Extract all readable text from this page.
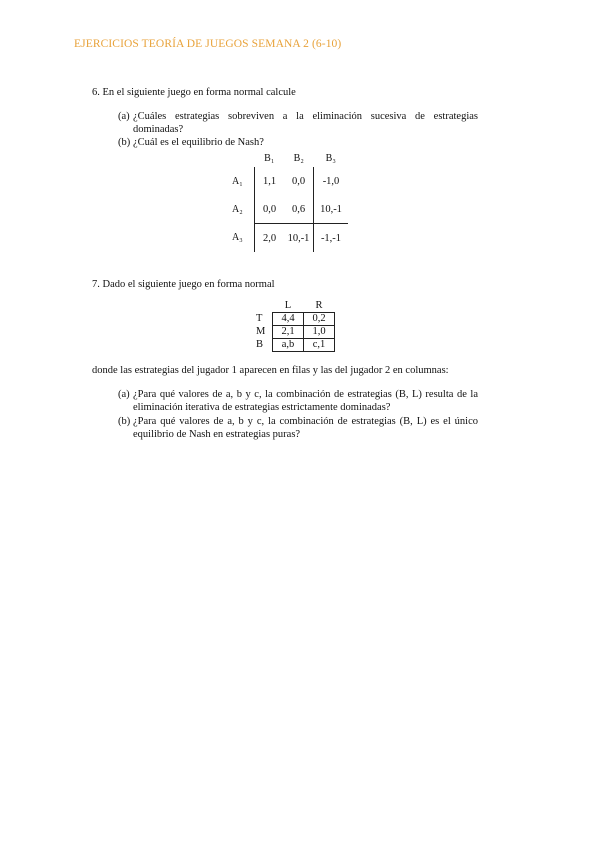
EJERCICIOS TEORÍA DE JUEGOS SEMANA 2 (6-10)
6. En el siguiente juego en forma normal calcule
(a) ¿Cuáles estrategias sobreviven a la eliminación sucesiva de estrategias dominadas?
(b) ¿Cuál es el equilibrio de Nash?
	B₁	B₂	B₃
A₁	1,1	0,0	-1,0
A₂	0,0	0,6	10,-1
A₃	2,0	10,-1	-1,-1
7. Dado el siguiente juego en forma normal
	L	R
T	4,4	0,2
M	2,1	1,0
B	a,b	c,1
donde las estrategias del jugador 1 aparecen en filas y las del jugador 2 en columnas:
(a) ¿Para qué valores de a, b y c, la combinación de estrategias (B, L) resulta de la eliminación iterativa de estrategias estrictamente dominadas?
(b) ¿Para qué valores de a, b y c, la combinación de estrategias (B, L) es el único equilibrio de Nash en estrategias puras?
